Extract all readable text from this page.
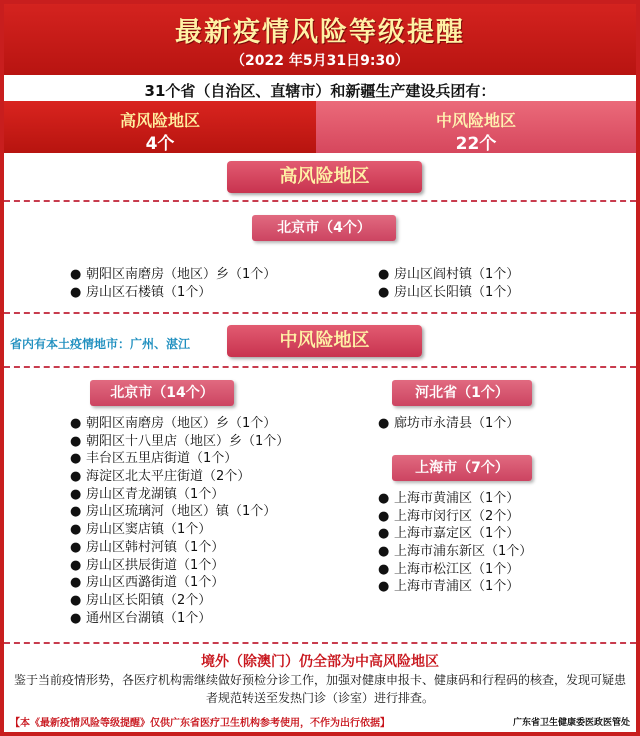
最新疫情风险等级提醒
（2022 年5月31日9:30）
31个省（自治区、直辖市）和新疆生产建设兵团有：
高风险地区
4个
中风险地区
22个
高风险地区
北京市（4个）
● 朝阳区南磨房（地区）乡（1个）
● 房山区石楼镇（1个）
● 房山区阎村镇（1个）
● 房山区长阳镇（1个）
省内有本土疫情地市：广州、湛江	中风险地区
北京市（14个）
● 朝阳区南磨房（地区）乡（1个）
● 朝阳区十八里店（地区）乡（1个）
● 丰台区五里店街道（1个）
● 海淀区北太平庄街道（2个）
● 房山区青龙湖镇（1个）
● 房山区琉璃河（地区）镇（1个）
● 房山区窦店镇（1个）
● 房山区韩村河镇（1个）
● 房山区拱辰街道（1个）
● 房山区西潞街道（1个）
● 房山区长阳镇（2个）
● 通州区台湖镇（1个）
河北省（1个）
● 廊坊市永清县（1个）
上海市（7个）
● 上海市黄浦区（1个）
● 上海市闵行区（2个）
● 上海市嘉定区（1个）
● 上海市浦东新区（1个）
● 上海市松江区（1个）
● 上海市青浦区（1个）
境外（除澳门）仍全部为中高风险地区
鉴于当前疫情形势，各医疗机构需继续做好预检分诊工作，加强对健康申报卡、健康码和行程码的核查，发现可疑患者规范转送至发热门诊（诊室）进行排查。
【本《最新疫情风险等级提醒》仅供广东省医疗卫生机构参考使用，不作为出行依据】	广东省卫生健康委医政医管处
